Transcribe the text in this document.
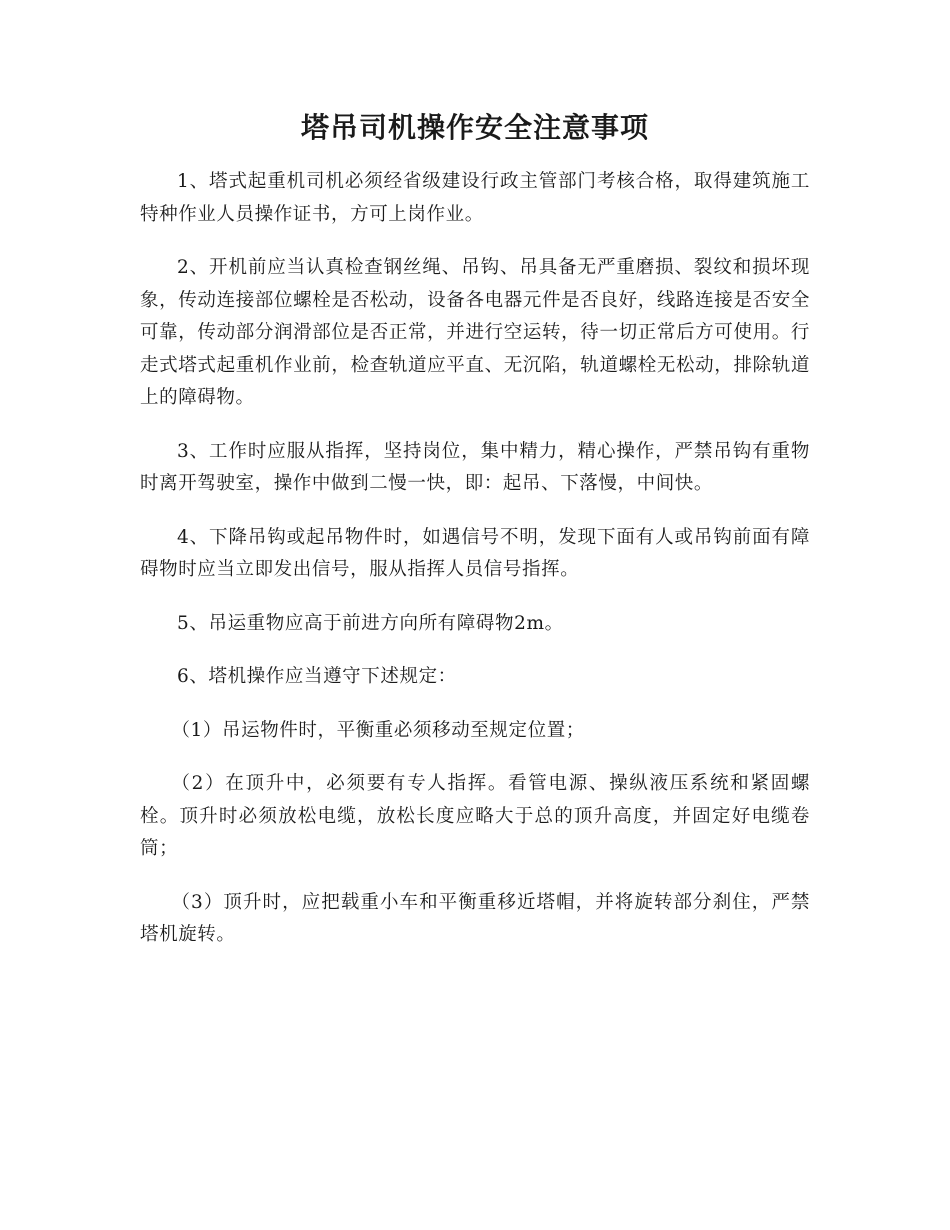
塔吊司机操作安全注意事项

1、塔式起重机司机必须经省级建设行政主管部门考核合格，取得建筑施工特种作业人员操作证书，方可上岗作业。

2、开机前应当认真检查钢丝绳、吊钩、吊具备无严重磨损、裂纹和损坏现象，传动连接部位螺栓是否松动，设备各电器元件是否良好，线路连接是否安全可靠，传动部分润滑部位是否正常，并进行空运转，待一切正常后方可使用。行走式塔式起重机作业前，检查轨道应平直、无沉陷，轨道螺栓无松动，排除轨道上的障碍物。

3、工作时应服从指挥，坚持岗位，集中精力，精心操作，严禁吊钩有重物时离开驾驶室，操作中做到二慢一快，即：起吊、下落慢，中间快。

4、下降吊钩或起吊物件时，如遇信号不明，发现下面有人或吊钩前面有障碍物时应当立即发出信号，服从指挥人员信号指挥。

5、吊运重物应高于前进方向所有障碍物2m。

6、塔机操作应当遵守下述规定：

（1）吊运物件时，平衡重必须移动至规定位置；

（2）在顶升中，必须要有专人指挥。看管电源、操纵液压系统和紧固螺栓。顶升时必须放松电缆，放松长度应略大于总的顶升高度，并固定好电缆卷筒；

（3）顶升时，应把载重小车和平衡重移近塔帽，并将旋转部分刹住，严禁塔机旋转。
